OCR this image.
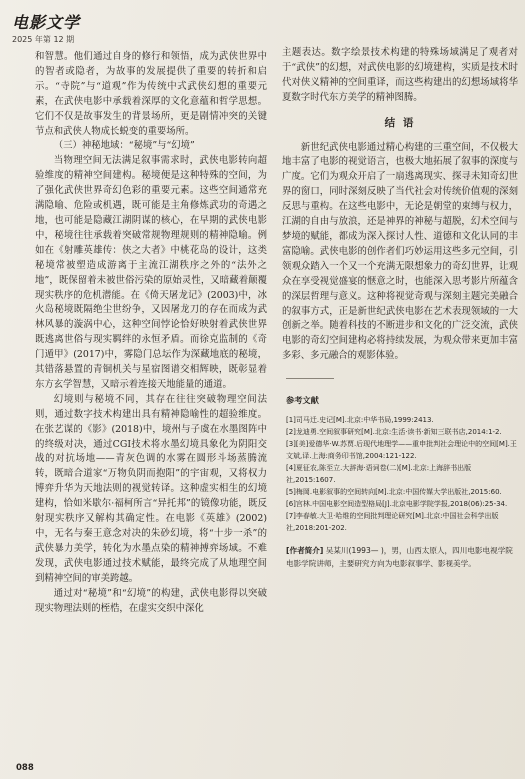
电影文学
2025 年第 12 期

和智慧。他们通过自身的修行和领悟，成为武侠世界中的智者或隐者，为故事的发展提供了重要的转折和启示。“寺院”与“道观”作为传统中式武侠幻想的重要元素，在武侠电影中承载着深厚的文化意蕴和哲学思想。它们不仅是故事发生的背景场所，更是剧情冲突的关键节点和武侠人物成长蜕变的重要场所。

（三）神秘地域：“秘境”与“幻境”

当物理空间无法满足叙事需求时，武侠电影转向超验维度的精神空间建构。秘境便是这种特殊的空间，为了强化武侠世界奇幻色彩的重要元素。这些空间通常充满隐喻、危险或机遇，既可能是主角修炼武功的奇遇之地，也可能是隐藏江湖阴谋的核心，在早期的武侠电影中，秘境往往承载着突破常规物理规则的精神隐喻。例如在《射雕英雄传：侠之大者》中桃花岛的设计，这类秘境常被塑造成游离于主流江湖秩序之外的“法外之地”，既保留着未被世俗污染的原始灵性，又暗藏着颠覆现实秩序的危机潜能。在《倚天屠龙记》(2003)中，冰火岛秘境既隔绝尘世纷争，又因屠龙刀的存在而成为武林风暴的漩涡中心，这种空间悖论恰好映射着武侠世界既逃离世俗与现实羁绊的永恒矛盾。而徐克监制的《奇门遁甲》(2017)中，雾隐门总坛作为深藏地底的秘境，其错落悬置的青铜机关与星宿图谱交相辉映，既彰显着东方玄学智慧，又暗示着连接天地能量的通道。

幻境则与秘境不同，其存在往往突破物理空间法则，通过数字技术构建出具有精神隐喻性的超验维度。在张艺谋的《影》(2018)中，境州与子虞在水墨图阵中的终级对决，通过CGI技术将水墨幻境具象化为阴阳交战的对抗场地——青灰色调的水雾在圆形斗场蒸腾流转，既暗合道家“万物负阴而抱阳”的宇宙观，又将权力博弈升华为天地法则的视觉转译。这种虚实相生的幻境建构，恰如米歇尔·福柯所言“异托邦”的镜像功能，既反射现实秩序又解构其确定性。在电影《英雄》(2002)中，无名与秦王意念对决的朱砂幻境，将“十步一杀”的武侠暴力美学，转化为水墨点染的精神搏弈场域。不难发现，武侠电影通过技术赋能，最终完成了从地理空间到精神空间的审美跨越。

通过对“秘境”和“幻境”的构建，武侠电影得以突破现实物理法则的桎梏，在虚实交织中深化

主题表达。数字绘景技术构建的特殊场域满足了观者对于“武侠”的幻想，对武侠电影的幻境建构，实质是技术时代对侠义精神的空间重译，而这些构建出的幻想场域将华夏数字时代东方美学的精神图腾。

结 语

新世纪武侠电影通过精心构建的三重空间，不仅极大地丰富了电影的视觉语言，也极大地拓展了叙事的深度与广度。它们为观众开启了一扇逃离现实、探寻未知奇幻世界的窗口，同时深刻反映了当代社会对传统价值观的深刻反思与重构。在这些电影中，无论是朝堂的束缚与权力，江湖的自由与放浪，还是神界的神秘与超脱，幻术空间与梦境的赋能，都成为深入探讨人性、道德和文化认同的丰富隐喻。武侠电影的创作者们巧妙运用这些多元空间，引领观众踏入一个又一个充满无限想象力的奇幻世界，让观众在享受视觉盛宴的惬意之时，也能深入思考影片所蕴含的深层哲理与意义。这种将视觉奇观与深刻主题完美融合的叙事方式，正是新世纪武侠电影在艺术表现领域的一大创新之举。随着科技的不断进步和文化的广泛交流，武侠电影的奇幻空间建构必将持续发展，为观众带来更加丰富多彩、多元融合的观影体验。

参考文献
[1]司马迁.史记[M].北京:中华书局,1999:2413.
[2]龙迪勇.空间叙事研究[M].北京:生活·读书·新知三联书店,2014:1-2.
[3][美]爱德华·W.苏贾.后现代地理学——重申批判社会理论中的空间[M].王文斌,译.上海:商务印书馆,2004:121-122.
[4]夏征农,陈至立.大辞海·语词卷(二)[M].北京:上海辞书出版社,2015:1607.
[5]梅岡.电影叙事的空间转向[M].北京:中国传媒大学出版社,2015:60.
[6]宫林.中国电影空间造型格局[J].北京电影学院学报,2018(06):25-34.
[7]李春敏.大卫·哈维的空间批判理论研究[M].北京:中国社会科学出版社,2018:201-202.
[作者简介] 吴某川(1993— )，男，山西太原人，四川电影电视学院电影学院讲师，主要研究方向为电影叙事学、影视美学。
088
